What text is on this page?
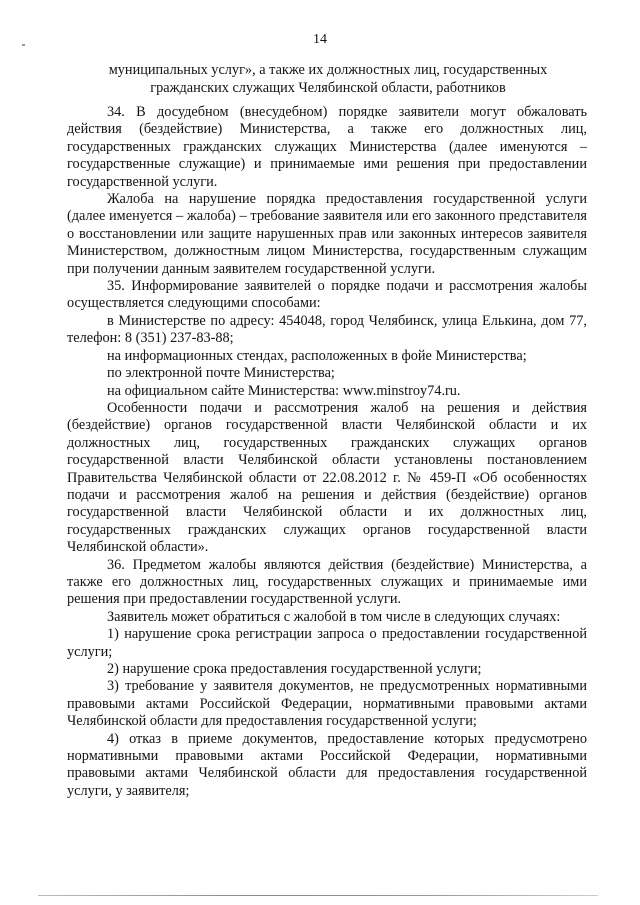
14
муниципальных услуг», а также их должностных лиц, государственных гражданских служащих Челябинской области, работников

34. В досудебном (внесудебном) порядке заявители могут обжаловать действия (бездействие) Министерства, а также его должностных лиц, государственных гражданских служащих Министерства (далее именуются – государственные служащие) и принимаемые ими решения при предоставлении государственной услуги.

Жалоба на нарушение порядка предоставления государственной услуги (далее именуется – жалоба) – требование заявителя или его законного представителя о восстановлении или защите нарушенных прав или законных интересов заявителя Министерством, должностным лицом Министерства, государственным служащим при получении данным заявителем государственной услуги.

35. Информирование заявителей о порядке подачи и рассмотрения жалобы осуществляется следующими способами:

в Министерстве по адресу: 454048, город Челябинск, улица Елькина, дом 77, телефон: 8 (351) 237-83-88;

на информационных стендах, расположенных в фойе Министерства;

по электронной почте Министерства;

на официальном сайте Министерства: www.minstroy74.ru.

Особенности подачи и рассмотрения жалоб на решения и действия (бездействие) органов государственной власти Челябинской области и их должностных лиц, государственных гражданских служащих органов государственной власти Челябинской области установлены постановлением Правительства Челябинской области от 22.08.2012 г. № 459-П «Об особенностях подачи и рассмотрения жалоб на решения и действия (бездействие) органов государственной власти Челябинской области и их должностных лиц, государственных гражданских служащих органов государственной власти Челябинской области».

36. Предметом жалобы являются действия (бездействие) Министерства, а также его должностных лиц, государственных служащих и принимаемые ими решения при предоставлении государственной услуги.

Заявитель может обратиться с жалобой в том числе в следующих случаях:

1) нарушение срока регистрации запроса о предоставлении государственной услуги;

2) нарушение срока предоставления государственной услуги;

3) требование у заявителя документов, не предусмотренных нормативными правовыми актами Российской Федерации, нормативными правовыми актами Челябинской области для предоставления государственной услуги;

4) отказ в приеме документов, предоставление которых предусмотрено нормативными правовыми актами Российской Федерации, нормативными правовыми актами Челябинской области для предоставления государственной услуги, у заявителя;
